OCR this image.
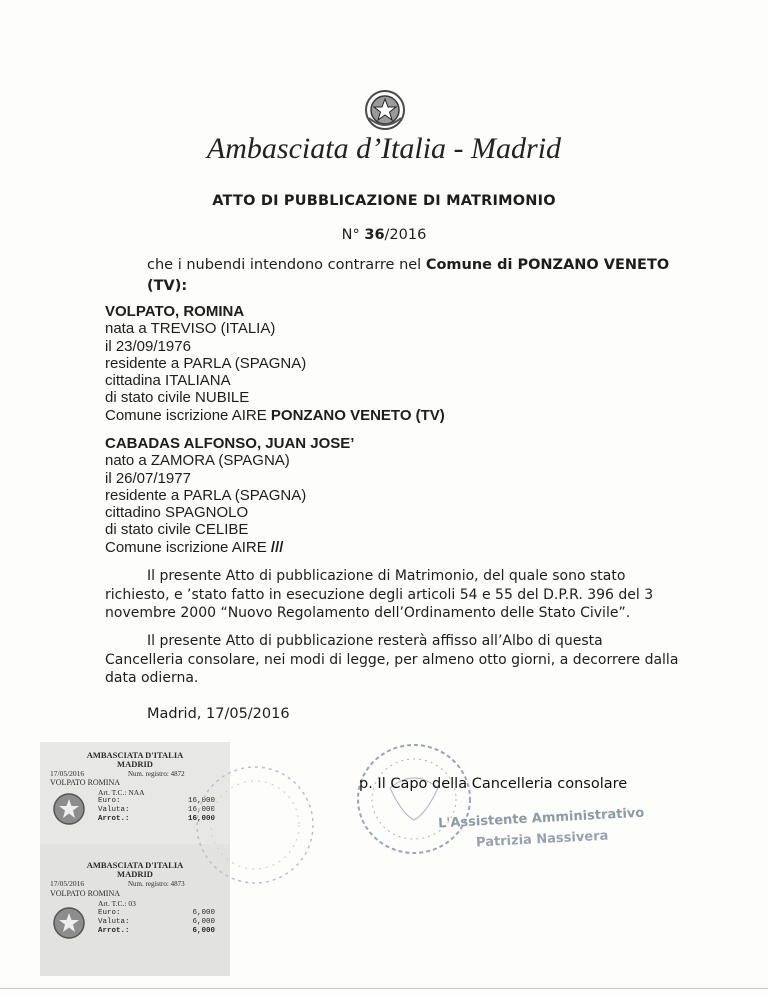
Ambasciata d’Italia - Madrid
ATTO DI PUBBLICAZIONE DI MATRIMONIO
N° 36/2016
che i nubendi intendono contrarre nel Comune di PONZANO VENETO (TV):
VOLPATO, ROMINA
nata a TREVISO (ITALIA)
il 23/09/1976
residente a PARLA (SPAGNA)
cittadina ITALIANA
di stato civile NUBILE
Comune iscrizione AIRE PONZANO VENETO (TV)
CABADAS ALFONSO, JUAN JOSE’
nato a ZAMORA (SPAGNA)
il 26/07/1977
residente a PARLA (SPAGNA)
cittadino SPAGNOLO
di stato civile CELIBE
Comune iscrizione AIRE ///
Il presente Atto di pubblicazione di Matrimonio, del quale sono stato richiesto, e ’stato fatto in esecuzione degli articoli 54 e 55 del D.P.R. 396 del 3 novembre 2000 “Nuovo Regolamento dell’Ordinamento delle Stato Civile”.
Il presente Atto di pubblicazione resterà affisso all’Albo di questa Cancelleria consolare, nei modi di legge, per almeno otto giorni, a decorrere dalla data odierna.
Madrid, 17/05/2016
AMBASCIATA D'ITALIA
MADRID
17/05/2016	Num. registro: 4872
VOLPATO ROMINA
Art. T.C.: NAA
Euro:
Valuta:
Arrot.:
16,000
16,000
16,000
AMBASCIATA D'ITALIA
MADRID
17/05/2016	Num. registro: 4873
VOLPATO ROMINA
Art. T.C.: 03
Euro:
Valuta:
Arrot.:
6,000
6,000
6,000
p. Il Capo della Cancelleria consolare
L'Assistente Amministrativo
Patrizia Nassivera
